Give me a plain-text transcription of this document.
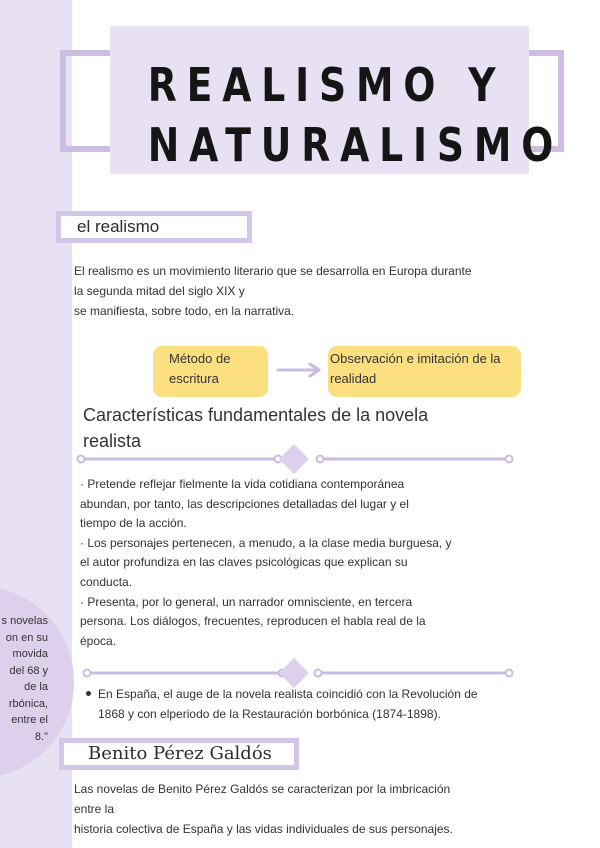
REALISMO Y
NATURALISMO
el realismo
El realismo es un movimiento literario que se desarrolla en Europa durante
la segunda mitad del siglo XIX y
se manifiesta, sobre todo, en la narrativa.
Método de
escritura
Observación e imitación de la
realidad
Características fundamentales de la novela realista
· Pretende reflejar fielmente la vida cotidiana contemporánea
abundan, por tanto, las descripciones detalladas del lugar y el
tiempo de la acción.
· Los personajes pertenecen, a menudo, a la clase media burguesa, y
el autor profundiza en las claves psicológicas que explican su
conducta.
· Presenta, por lo general, un narrador omnisciente, en tercera
persona. Los diálogos, frecuentes, reproducen el habla real de la
época.
En España, el auge de la novela realista coincidió con la Revolución de
1868 y con elperiodo de la Restauración borbónica (1874-1898).
Benito Pérez Galdós
Las novelas de Benito Pérez Galdós se caracterizan por la imbricación
entre la
historia colectiva de España y las vidas individuales de sus personajes.
s novelas
on en su
movida
del 68 y
de la
rbónica,
entre el
8."
